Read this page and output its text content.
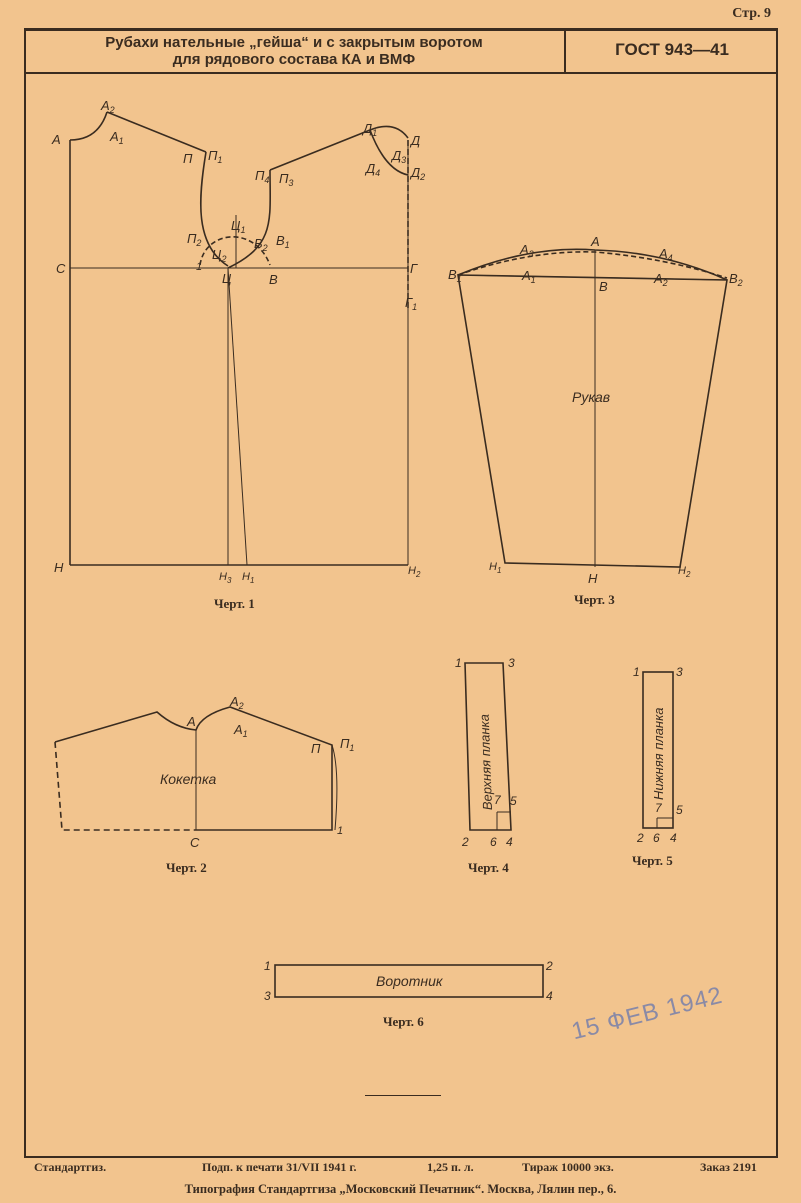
Стр. 9
Рубахи нательные „гейша“ и с закрытым воротом
для рядового состава КА и ВМФ
ГОСТ 943—41
А	$А_1$
$А_2$
П $П_1$
$П_2$
$П_3$
$П_4$
С	1
Ц
$Ц_1$
$Ц_2$
В
$В_1$
$В_2$
Д
$Д_1$
$Д_2$
$Д_3$
$Д_4$
Г
$Г_1$
Н
$Н_3$ $Н_1$
$Н_2$
А
$А_2$
$А_1$
П $П_1$
С
1
Кокетка
А
$А_3$	$А_4$
$А_1$	$А_2$
В
$В_1$	$В_2$
Н
$Н_1$	$Н_2$
Рукав
1	3
5
7
2 6 4
Верхняя планка
1	3
5
7
2 6 4
Нижняя планка
1	2
3	4
Воротник
Черт. 1	Черт. 3
Черт. 2	Черт. 4	Черт. 5
Черт. 6	15 ФЕВ 1942
Стандартгиз.	Подп. к печати 31/VII 1941 г.	1,25 п. л.	Тираж 10000 экз.	Заказ 2191
Типография Стандартгиза „Московский Печатник“. Москва, Лялин пер., 6.
